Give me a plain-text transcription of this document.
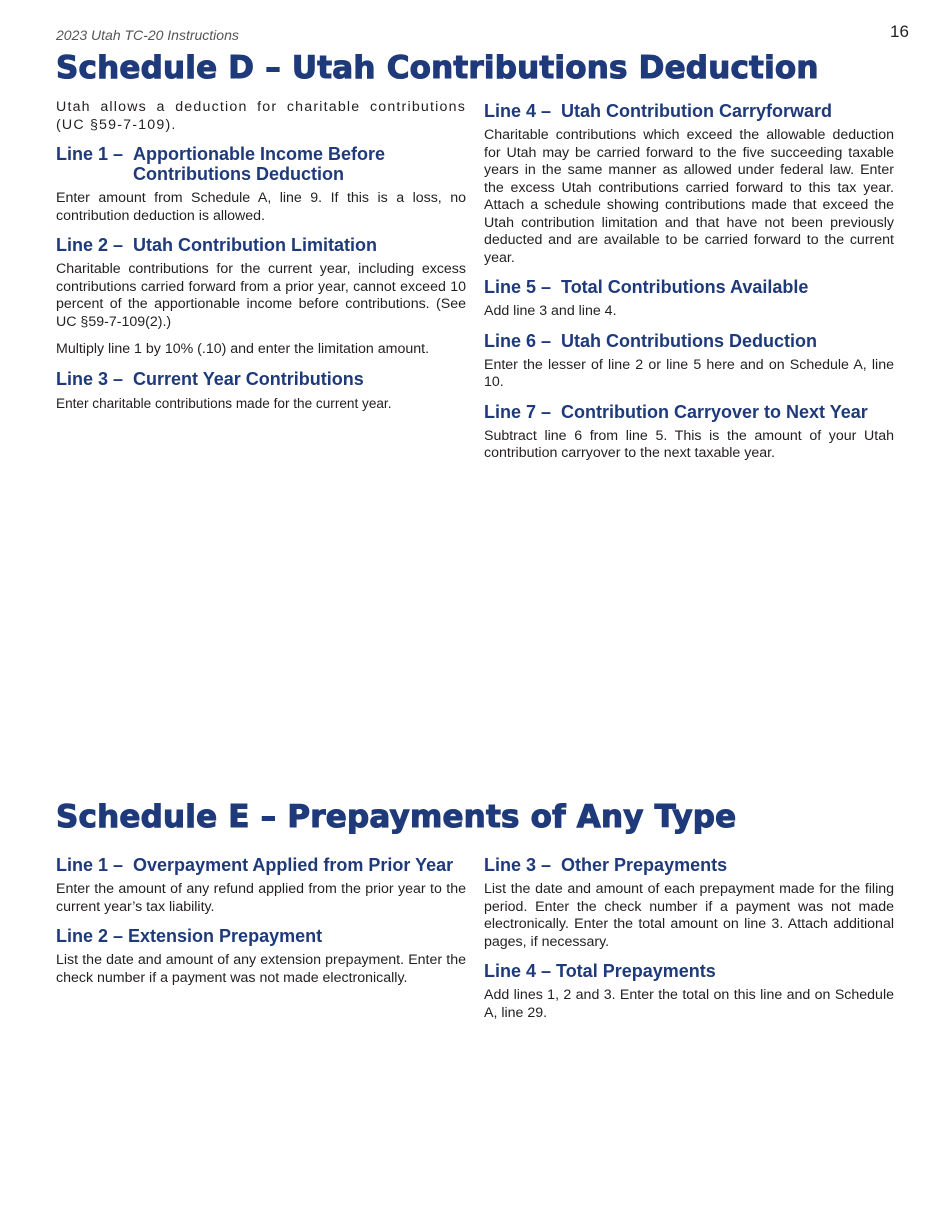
2023 Utah TC-20 Instructions	16
Schedule D – Utah Contributions Deduction

Utah allows a deduction for charitable contributions (UC §59-7-109).

Line 1 – Apportionable Income Before Contributions Deduction

Enter amount from Schedule A, line 9. If this is a loss, no contribution deduction is allowed.

Line 2 – Utah Contribution Limitation

Charitable contributions for the current year, including excess contributions carried forward from a prior year, cannot exceed 10 percent of the apportionable income before contributions. (See UC §59-7-109(2).)

Multiply line 1 by 10% (.10) and enter the limitation amount.

Line 3 – Current Year Contributions

Enter charitable contributions made for the current year.

Line 4 – Utah Contribution Carryforward

Charitable contributions which exceed the allowable deduction for Utah may be carried forward to the five succeeding taxable years in the same manner as allowed under federal law. Enter the excess Utah contributions carried forward to this tax year. Attach a schedule showing contributions made that exceed the Utah contribution limitation and that have not been previously deducted and are available to be carried forward to the current year.

Line 5 – Total Contributions Available

Add line 3 and line 4.

Line 6 – Utah Contributions Deduction

Enter the lesser of line 2 or line 5 here and on Schedule A, line 10.

Line 7 – Contribution Carryover to Next Year

Subtract line 6 from line 5. This is the amount of your Utah contribution carryover to the next taxable year.

Schedule E – Prepayments of Any Type
Line 1 – Overpayment Applied from Prior Year

Enter the amount of any refund applied from the prior year to the current year’s tax liability.

Line 2 – Extension Prepayment

List the date and amount of any extension prepayment. Enter the check number if a payment was not made electronically.

Line 3 – Other Prepayments

List the date and amount of each prepayment made for the filing period. Enter the check number if a payment was not made electronically. Enter the total amount on line 3. Attach additional pages, if necessary.

Line 4 – Total Prepayments

Add lines 1, 2 and 3. Enter the total on this line and on Schedule A, line 29.
